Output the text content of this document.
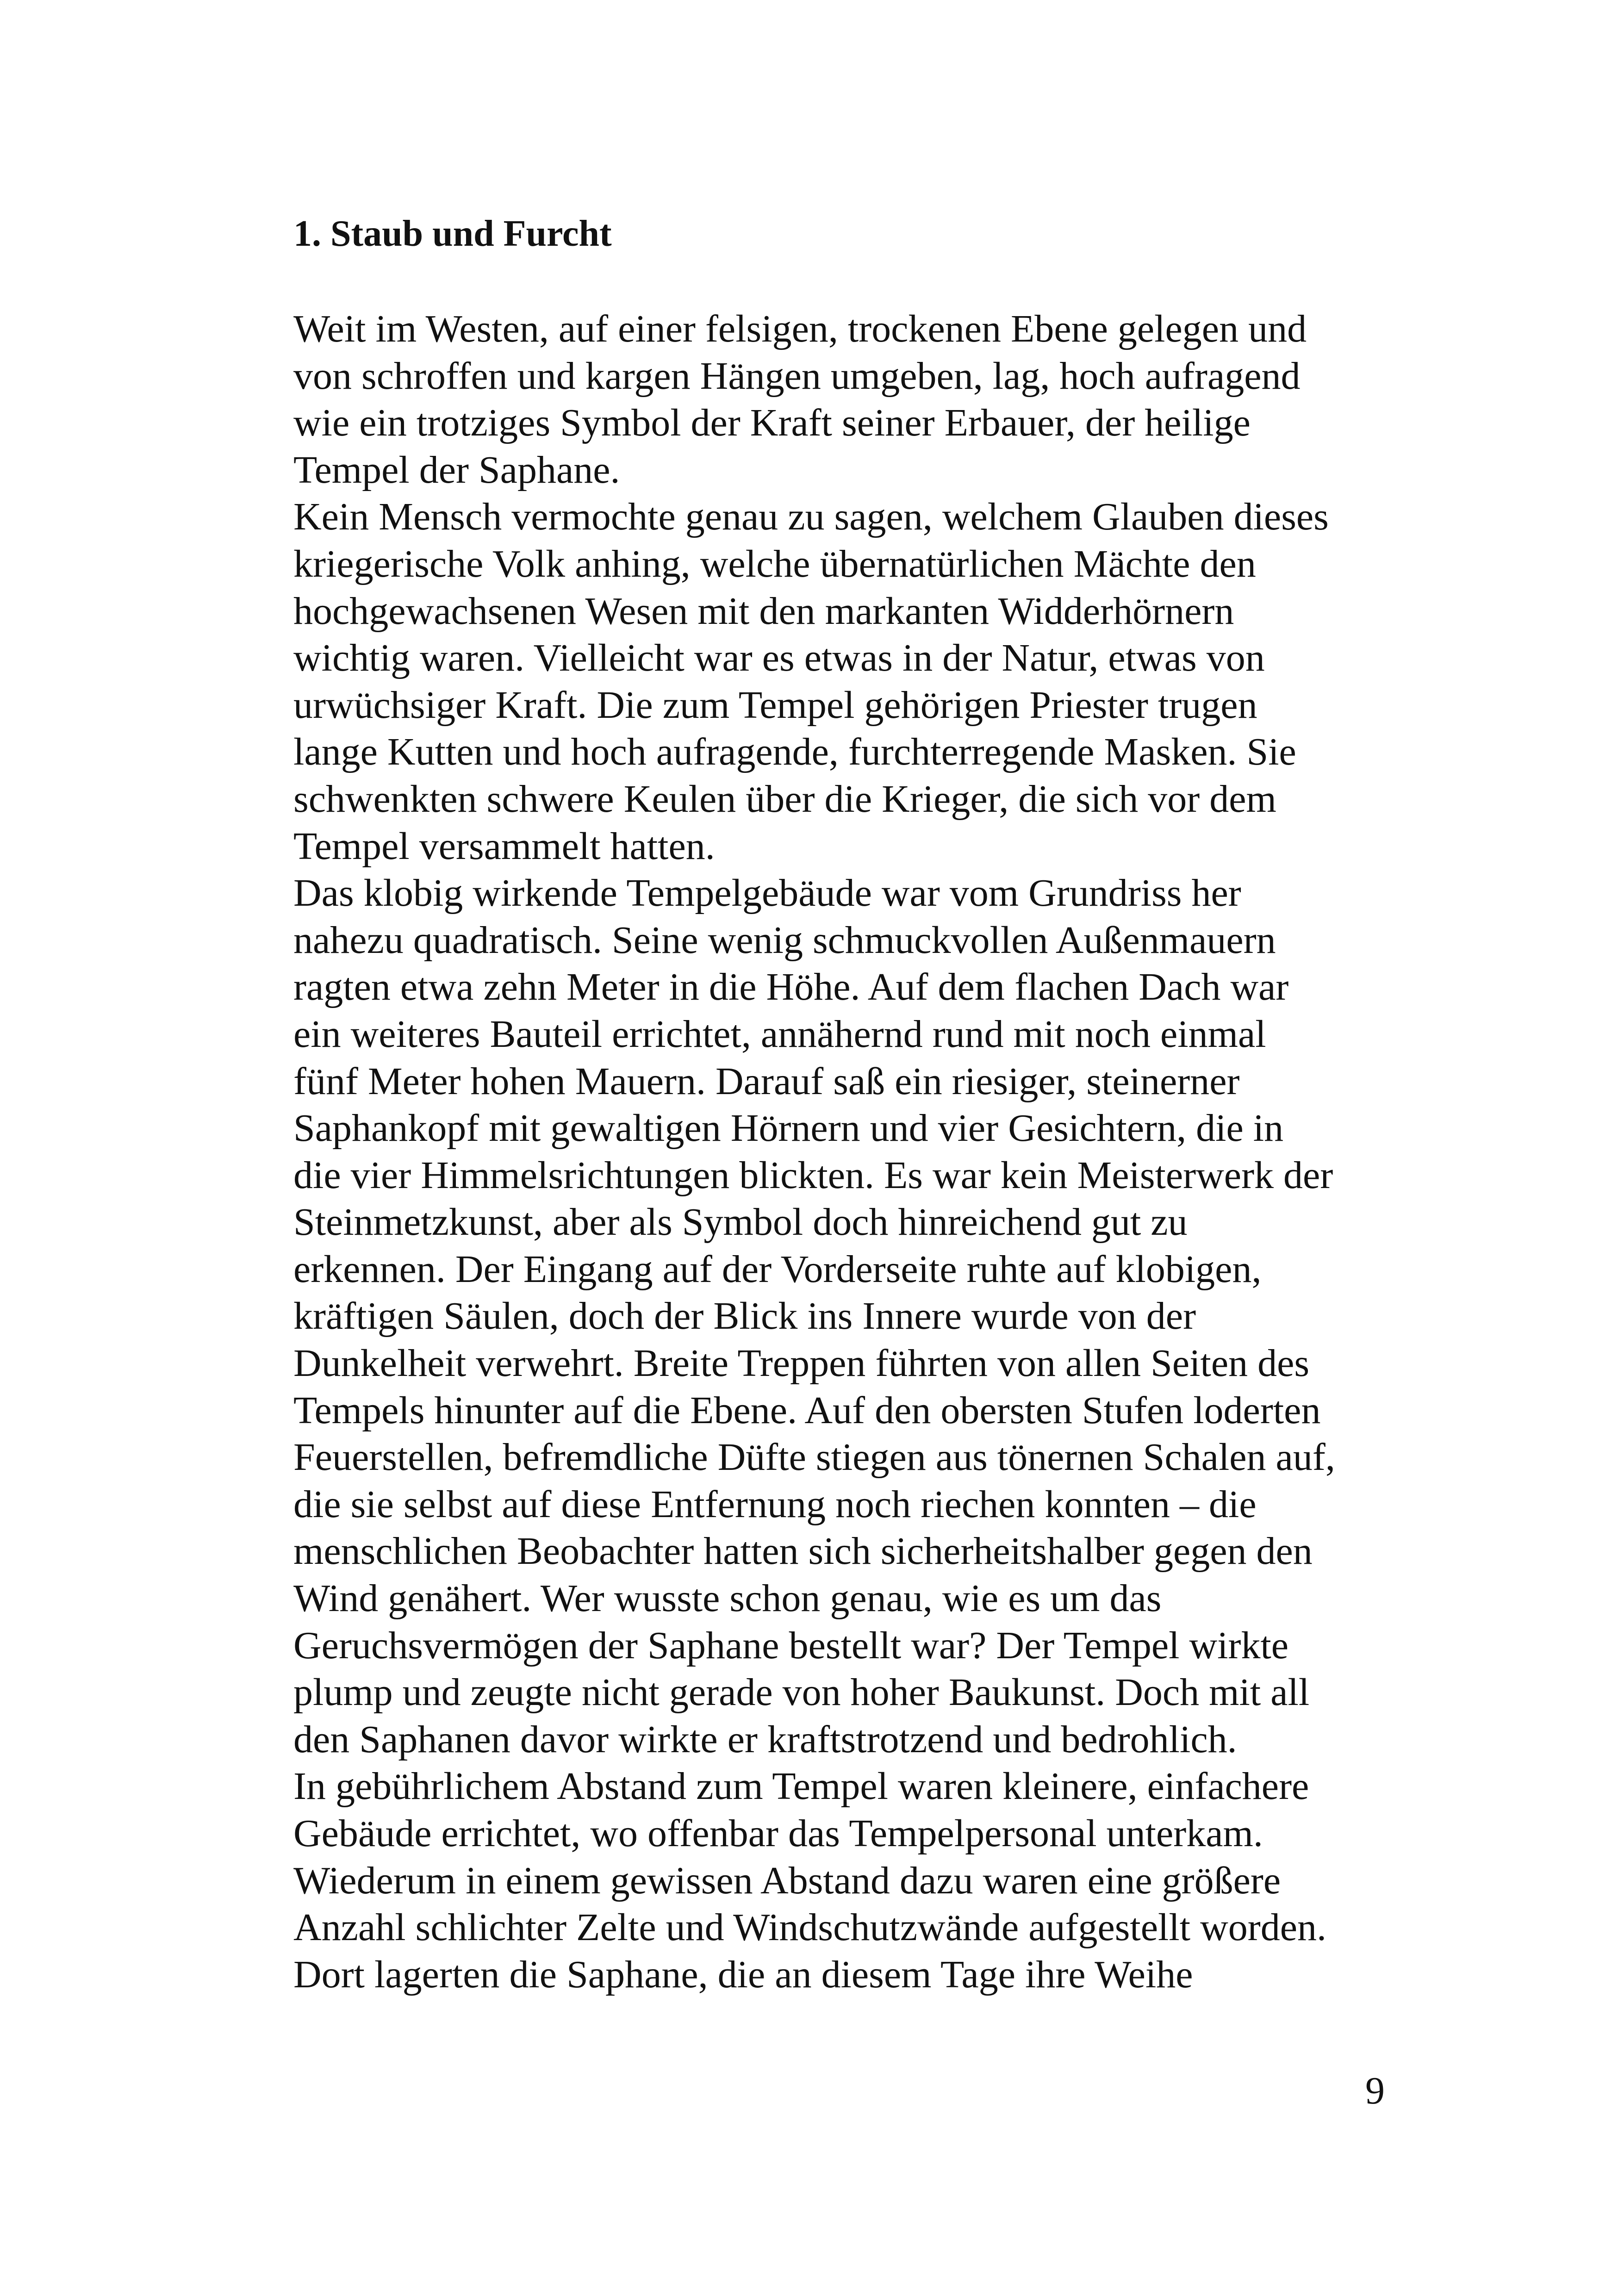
1. Staub und Furcht
Weit im Westen, auf einer felsigen, trockenen Ebene gelegen und
von schroffen und kargen Hängen umgeben, lag, hoch aufragend
wie ein trotziges Symbol der Kraft seiner Erbauer, der heilige
Tempel der Saphane.
Kein Mensch vermochte genau zu sagen, welchem Glauben dieses
kriegerische Volk anhing, welche übernatürlichen Mächte den
hochgewachsenen Wesen mit den markanten Widderhörnern
wichtig waren. Vielleicht war es etwas in der Natur, etwas von
urwüchsiger Kraft. Die zum Tempel gehörigen Priester trugen
lange Kutten und hoch aufragende, furchterregende Masken. Sie
schwenkten schwere Keulen über die Krieger, die sich vor dem
Tempel versammelt hatten.
Das klobig wirkende Tempelgebäude war vom Grundriss her
nahezu quadratisch. Seine wenig schmuckvollen Außenmauern
ragten etwa zehn Meter in die Höhe. Auf dem flachen Dach war
ein weiteres Bauteil errichtet, annähernd rund mit noch einmal
fünf Meter hohen Mauern. Darauf saß ein riesiger, steinerner
Saphankopf mit gewaltigen Hörnern und vier Gesichtern, die in
die vier Himmelsrichtungen blickten. Es war kein Meisterwerk der
Steinmetzkunst, aber als Symbol doch hinreichend gut zu
erkennen. Der Eingang auf der Vorderseite ruhte auf klobigen,
kräftigen Säulen, doch der Blick ins Innere wurde von der
Dunkelheit verwehrt. Breite Treppen führten von allen Seiten des
Tempels hinunter auf die Ebene. Auf den obersten Stufen loderten
Feuerstellen, befremdliche Düfte stiegen aus tönernen Schalen auf,
die sie selbst auf diese Entfernung noch riechen konnten – die
menschlichen Beobachter hatten sich sicherheitshalber gegen den
Wind genähert. Wer wusste schon genau, wie es um das
Geruchsvermögen der Saphane bestellt war? Der Tempel wirkte
plump und zeugte nicht gerade von hoher Baukunst. Doch mit all
den Saphanen davor wirkte er kraftstrotzend und bedrohlich.
In gebührlichem Abstand zum Tempel waren kleinere, einfachere
Gebäude errichtet, wo offenbar das Tempelpersonal unterkam.
Wiederum in einem gewissen Abstand dazu waren eine größere
Anzahl schlichter Zelte und Windschutzwände aufgestellt worden.
Dort lagerten die Saphane, die an diesem Tage ihre Weihe
9
